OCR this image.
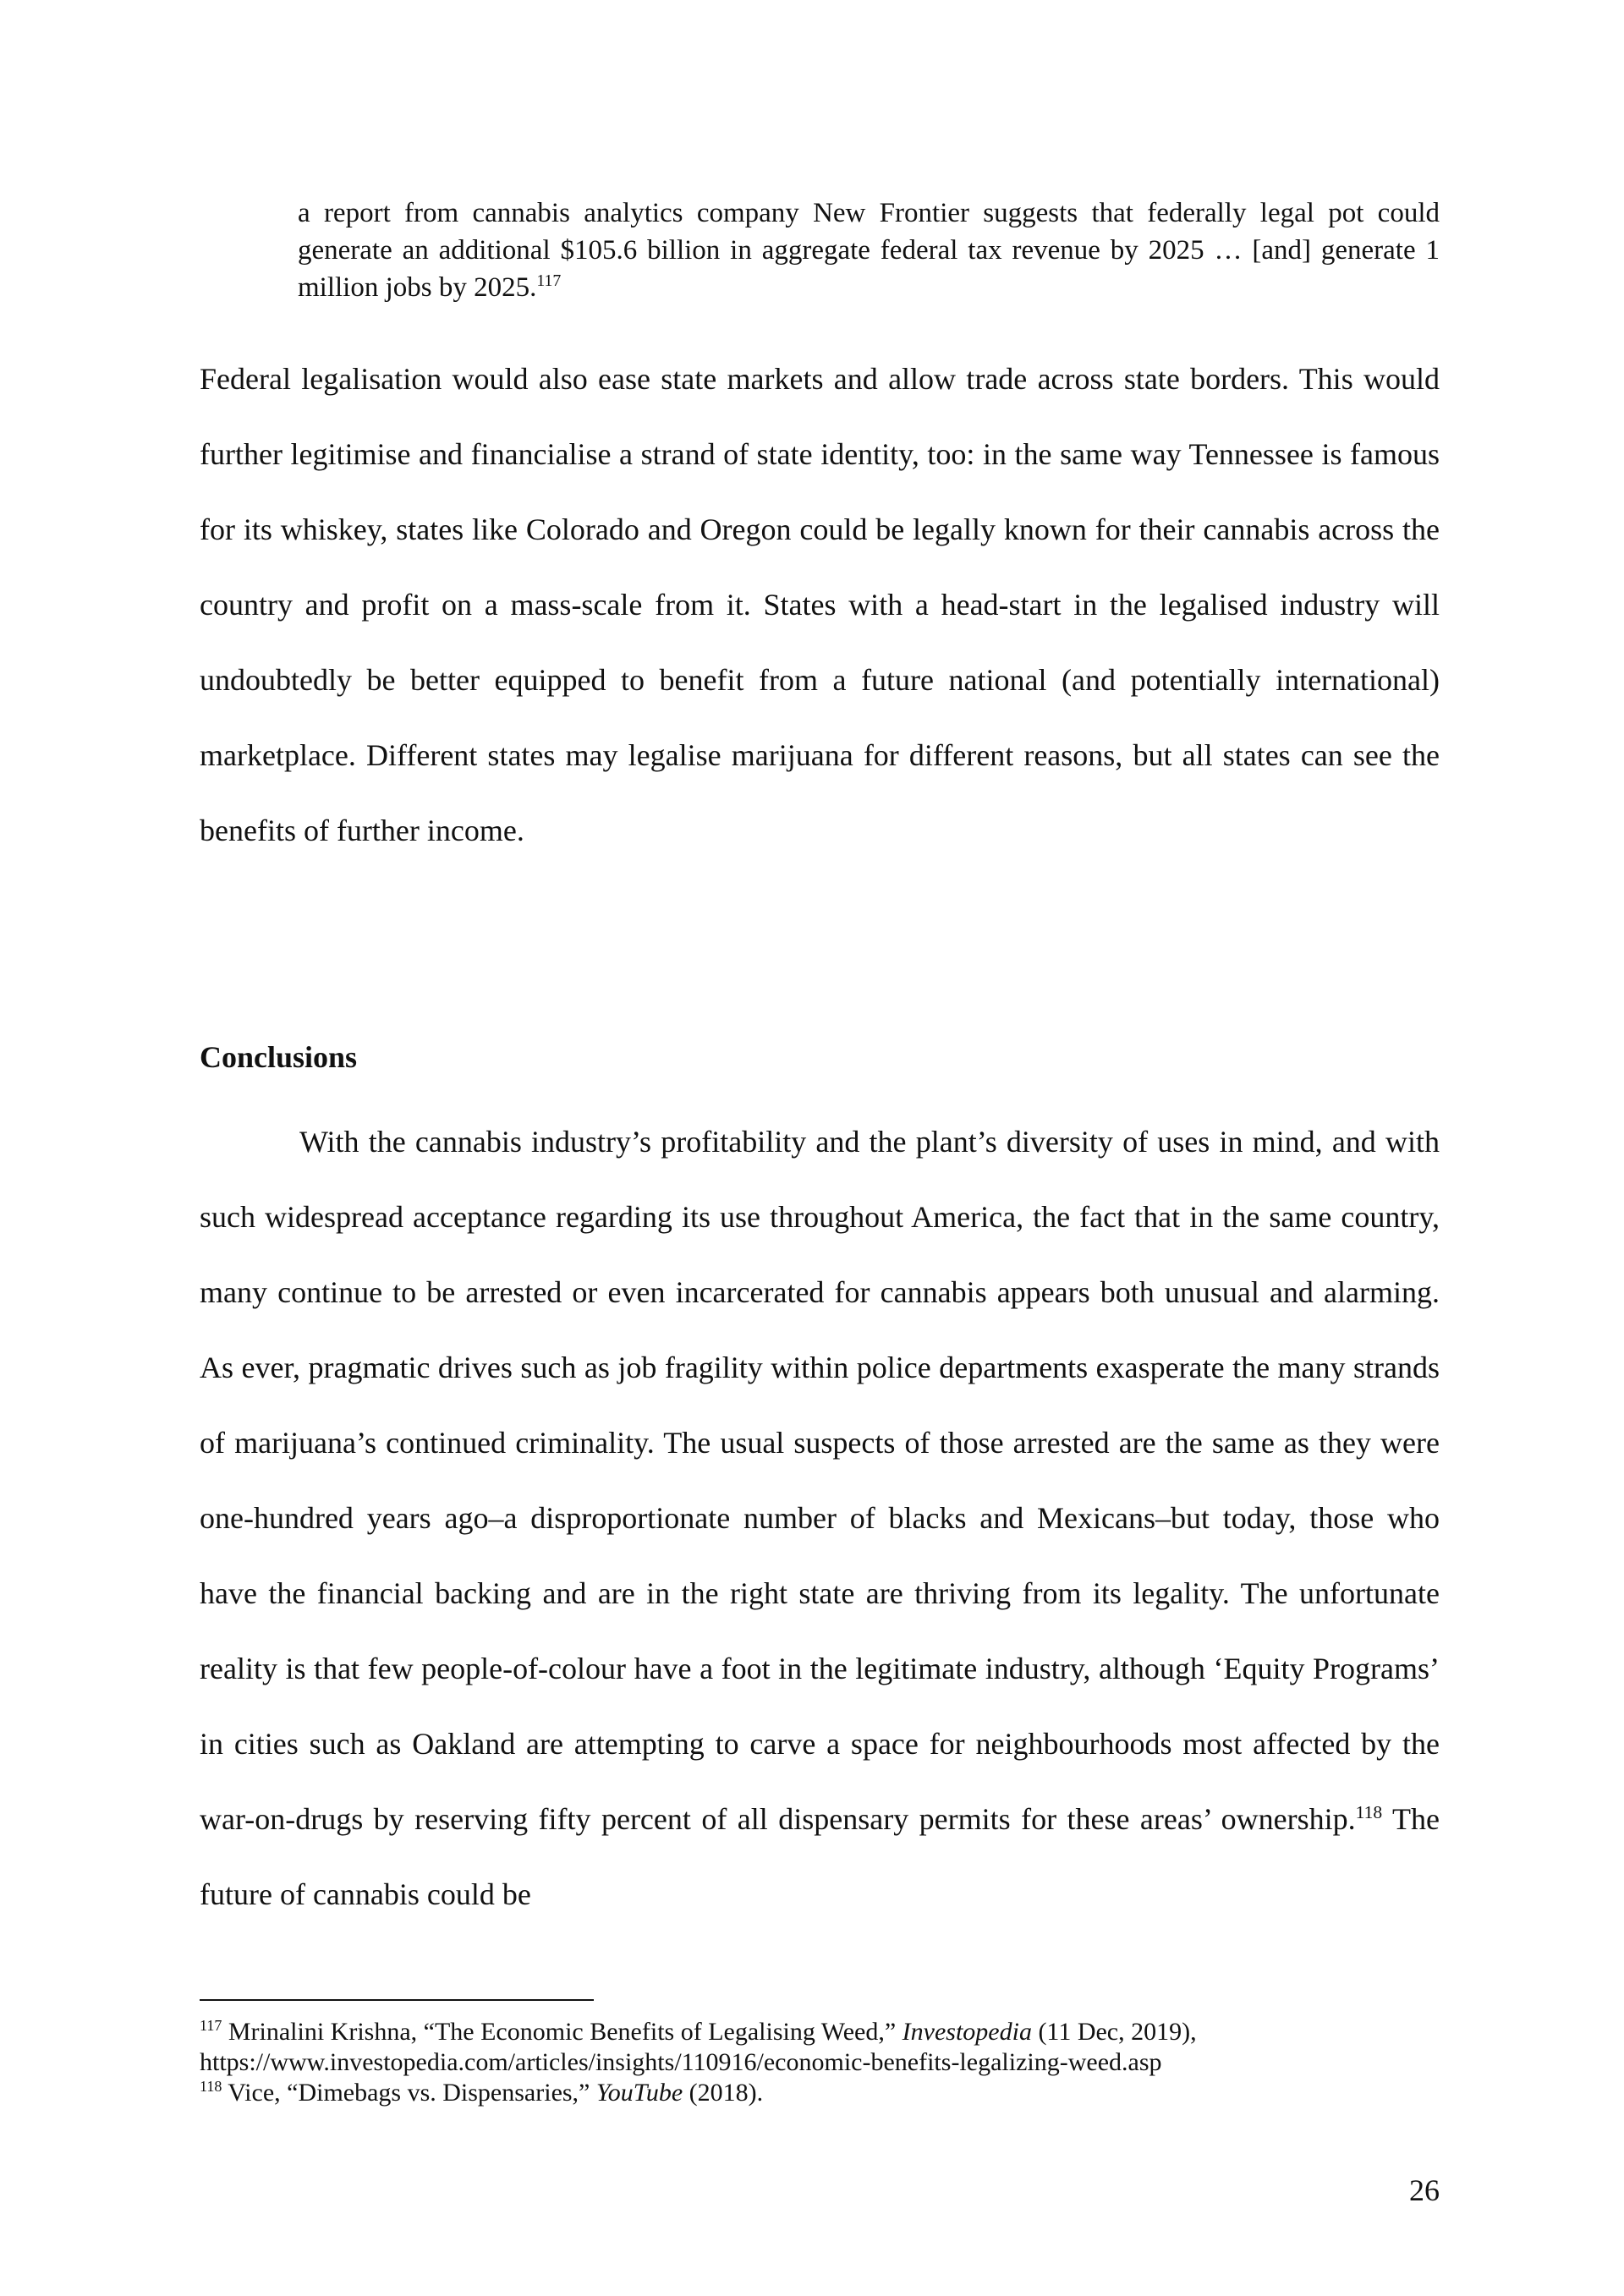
a report from cannabis analytics company New Frontier suggests that federally legal pot could generate an additional $105.6 billion in aggregate federal tax revenue by 2025 … [and] generate 1 million jobs by 2025.$^{117}$

Federal legalisation would also ease state markets and allow trade across state borders. This would further legitimise and financialise a strand of state identity, too: in the same way Tennessee is famous for its whiskey, states like Colorado and Oregon could be legally known for their cannabis across the country and profit on a mass-scale from it. States with a head-start in the legalised industry will undoubtedly be better equipped to benefit from a future national (and potentially international) marketplace. Different states may legalise marijuana for different reasons, but all states can see the benefits of further income.

Conclusions
With the cannabis industry’s profitability and the plant’s diversity of uses in mind, and with such widespread acceptance regarding its use throughout America, the fact that in the same country, many continue to be arrested or even incarcerated for cannabis appears both unusual and alarming. As ever, pragmatic drives such as job fragility within police departments exasperate the many strands of marijuana’s continued criminality. The usual suspects of those arrested are the same as they were one-hundred years ago–a disproportionate number of blacks and Mexicans–but today, those who have the financial backing and are in the right state are thriving from its legality. The unfortunate reality is that few people-of-colour have a foot in the legitimate industry, although ‘Equity Programs’ in cities such as Oakland are attempting to carve a space for neighbourhoods most affected by the war-on-drugs by reserving fifty percent of all dispensary permits for these areas’ ownership.$^{118}$ The future of cannabis could be

$^{117}$ Mrinalini Krishna, “The Economic Benefits of Legalising Weed,” Investopedia (11 Dec, 2019),
https://www.investopedia.com/articles/insights/110916/economic-benefits-legalizing-weed.asp

$^{118}$ Vice, “Dimebags vs. Dispensaries,” YouTube (2018).

26
